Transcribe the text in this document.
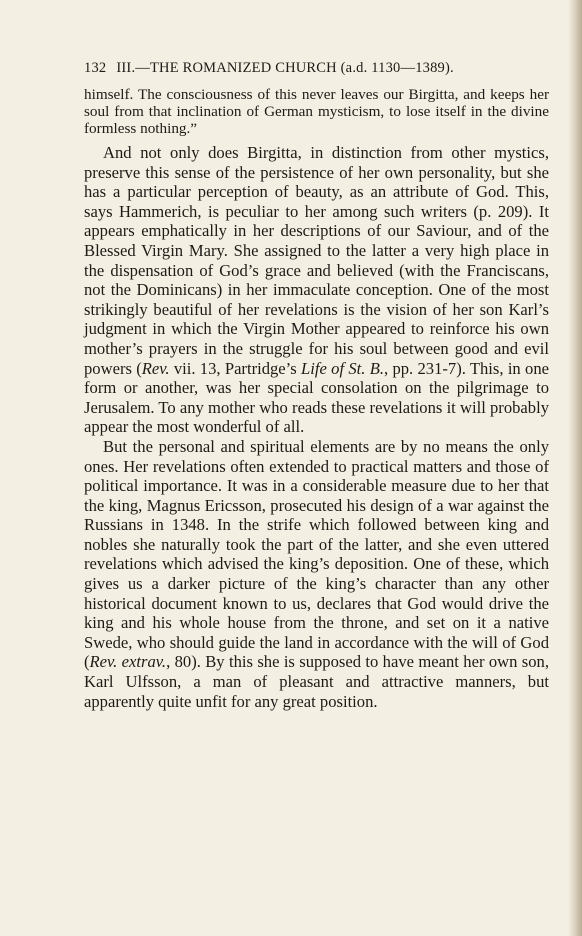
132 III.—THE ROMANIZED CHURCH (a.d. 1130—1389).

himself. The consciousness of this never leaves our Birgitta, and keeps her soul from that inclination of German mysticism, to lose itself in the divine formless nothing.”

And not only does Birgitta, in distinction from other mystics, preserve this sense of the persistence of her own personality, but she has a particular perception of beauty, as an attribute of God. This, says Hammerich, is peculiar to her among such writers (p. 209). It appears emphatically in her descriptions of our Saviour, and of the Blessed Virgin Mary. She assigned to the latter a very high place in the dispensation of God’s grace and believed (with the Franciscans, not the Dominicans) in her immaculate conception. One of the most strikingly beautiful of her revelations is the vision of her son Karl’s judgment in which the Virgin Mother appeared to reinforce his own mother’s prayers in the struggle for his soul between good and evil powers (Rev. vii. 13, Partridge’s Life of St. B., pp. 231-7). This, in one form or another, was her special consolation on the pilgrimage to Jerusalem. To any mother who reads these revelations it will probably appear the most wonderful of all.

But the personal and spiritual elements are by no means the only ones. Her revelations often extended to practical matters and those of political importance. It was in a considerable measure due to her that the king, Magnus Ericsson, prosecuted his design of a war against the Russians in 1348. In the strife which followed between king and nobles she naturally took the part of the latter, and she even uttered revelations which advised the king’s deposition. One of these, which gives us a darker picture of the king’s character than any other historical document known to us, declares that God would drive the king and his whole house from the throne, and set on it a native Swede, who should guide the land in accordance with the will of God (Rev. extrav., 80). By this she is supposed to have meant her own son, Karl Ulfsson, a man of pleasant and attractive manners, but apparently quite unfit for any great position.
